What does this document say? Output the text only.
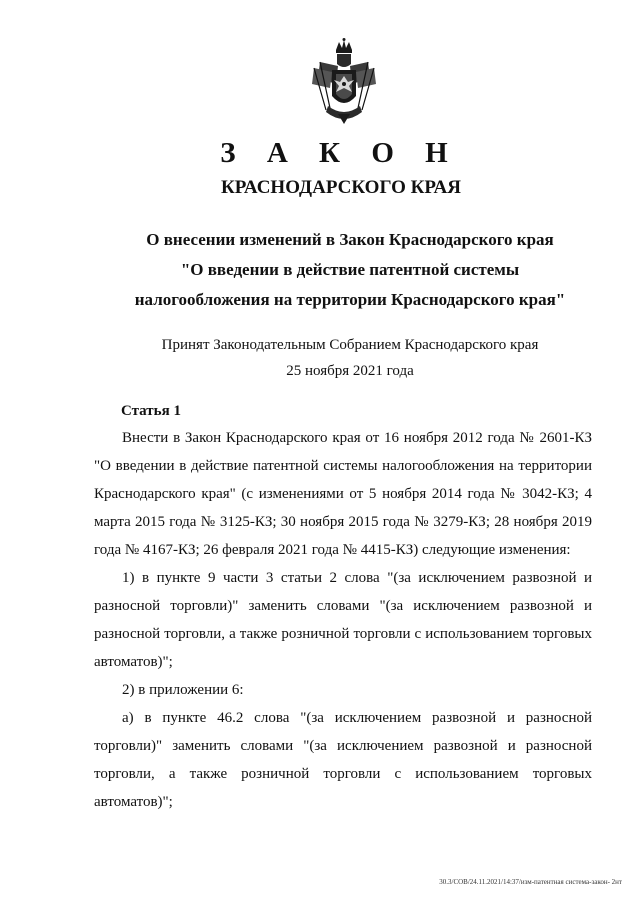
З А К О Н
КРАСНОДАРСКОГО КРАЯ
О внесении изменений в Закон Краснодарского края
"О введении в действие патентной системы
налогообложения на территории Краснодарского края"
Принят Законодательным Собранием Краснодарского края
25 ноября 2021 года
Статья 1

Внести в Закон Краснодарского края от 16 ноября 2012 года № 2601-КЗ "О введении в действие патентной системы налогообложения на территории Краснодарского края" (с изменениями от 5 ноября 2014 года № 3042-КЗ; 4 марта 2015 года № 3125-КЗ; 30 ноября 2015 года № 3279-КЗ; 28 ноября 2019 года № 4167-КЗ; 26 февраля 2021 года № 4415-КЗ) следующие изменения:

1) в пункте 9 части 3 статьи 2 слова "(за исключением развозной и разносной торговли)" заменить словами "(за исключением развозной и разносной торговли, а также розничной торговли с использованием торговых автоматов)";

2) в приложении 6:

а) в пункте 46.2 слова "(за исключением развозной и разносной торговли)" заменить словами "(за исключением развозной и разносной торговли, а также розничной торговли с использованием торговых автоматов)";

30.3/СОВ/24.11.2021/14:37/изм-патентная система-закон- 2нт
